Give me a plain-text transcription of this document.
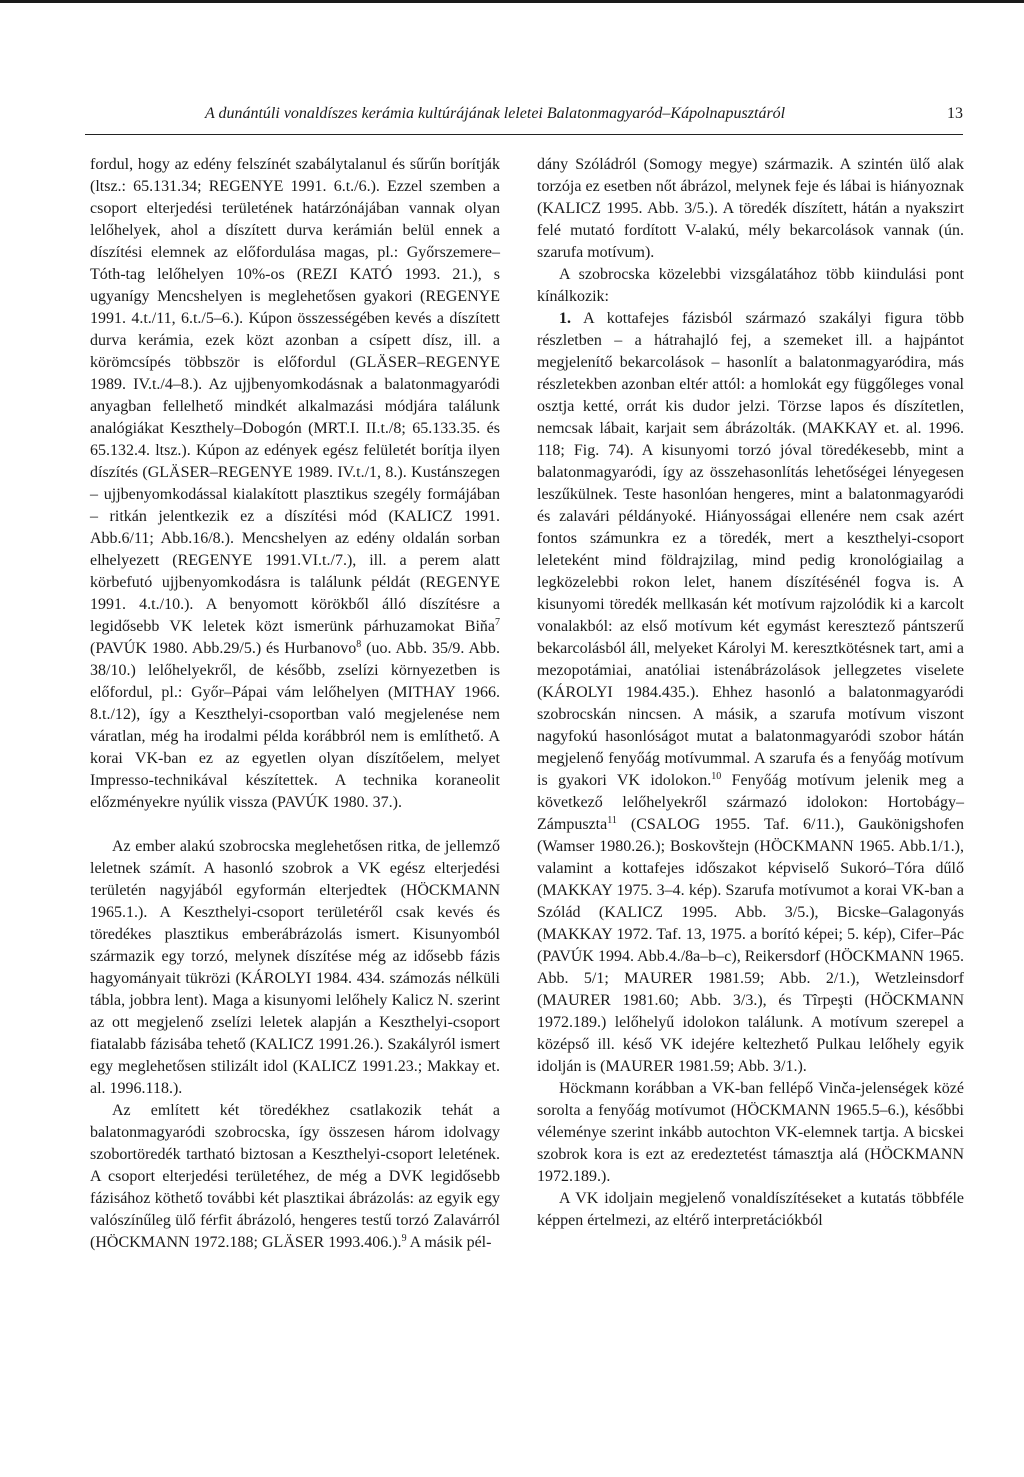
A dunántúli vonaldíszes kerámia kultúrájának leletei Balatonmagyaród–Kápolnapusztáról	13

fordul, hogy az edény felszínét szabálytalanul és sűrűn borítják (ltsz.: 65.131.34; REGENYE 1991. 6.t./6.). Ezzel szemben a csoport elterjedési területének határzónájában vannak olyan lelőhelyek, ahol a díszített durva kerámián belül ennek a díszítési elemnek az előfordulása magas, pl.: Győrszemere–Tóth-tag lelőhelyen 10%-os (REZI KATÓ 1993. 21.), s ugyanígy Mencshelyen is meglehetősen gyakori (REGENYE 1991. 4.t./11, 6.t./5–6.). Kúpon összességében kevés a díszített durva kerámia, ezek közt azonban a csípett dísz, ill. a körömcsípés többször is előfordul (GLÄSER–REGENYE 1989. IV.t./4–8.). Az ujjbenyomkodásnak a balatonmagyaródi anyagban fellelhető mindkét alkalmazási módjára találunk analógiákat Keszthely–Dobogón (MRT.I. II.t./8; 65.133.35. és 65.132.4. ltsz.). Kúpon az edények egész felületét borítja ilyen díszítés (GLÄSER–REGENYE 1989. IV.t./1, 8.). Kustánszegen – ujjbenyomkodással kialakított plasztikus szegély formájában – ritkán jelentkezik ez a díszítési mód (KALICZ 1991. Abb.6/11; Abb.16/8.). Mencshelyen az edény oldalán sorban elhelyezett (REGENYE 1991.VI.t./7.), ill. a perem alatt körbefutó ujjbenyomkodásra is találunk példát (REGENYE 1991. 4.t./10.). A benyomott körökből álló díszítésre a legidősebb VK leletek közt ismerünk párhuzamokat Biňa$^7$ (PAVÚK 1980. Abb.29/5.) és Hurbanovo$^8$ (uo. Abb. 35/9. Abb. 38/10.) lelőhelyekről, de később, zselízi környezetben is előfordul, pl.: Győr–Pápai vám lelőhelyen (MITHAY 1966. 8.t./12), így a Keszthelyi-csoportban való megjelenése nem váratlan, még ha irodalmi példa korábbról nem is említhető. A korai VK-ban ez az egyetlen olyan díszítőelem, melyet Impresso-technikával készítettek. A technika koraneolit előzményekre nyúlik vissza (PAVÚK 1980. 37.).

Az ember alakú szobrocska meglehetősen ritka, de jellemző leletnek számít. A hasonló szobrok a VK egész elterjedési területén nagyjából egyformán elterjedtek (HÖCKMANN 1965.1.). A Keszthelyi-csoport területéről csak kevés és töredékes plasztikus emberábrázolás ismert. Kisunyomból származik egy torzó, melynek díszítése még az idősebb fázis hagyományait tükrözi (KÁROLYI 1984. 434. számozás nélküli tábla, jobbra lent). Maga a kisunyomi lelőhely Kalicz N. szerint az ott megjelenő zselízi leletek alapján a Keszthelyi-csoport fiatalabb fázisába tehető (KALICZ 1991.26.). Szakályról ismert egy meglehetősen stilizált idol (KALICZ 1991.23.; Makkay et. al. 1996.118.).

Az említett két töredékhez csatlakozik tehát a balatonmagyaródi szobrocska, így összesen három idolvagy szobortöredék tartható biztosan a Keszthelyi-csoport leletének. A csoport elterjedési területéhez, de még a DVK legidősebb fázisához köthető további két plasztikai ábrázolás: az egyik egy valószínűleg ülő férfit ábrázoló, hengeres testű torzó Zalavárról (HÖCKMANN 1972.188; GLÄSER 1993.406.).$^9$ A másik pél-

dány Szóládról (Somogy megye) származik. A szintén ülő alak torzója ez esetben nőt ábrázol, melynek feje és lábai is hiányoznak (KALICZ 1995. Abb. 3/5.). A töredék díszített, hátán a nyakszirt felé mutató fordított V-alakú, mély bekarcolások vannak (ún. szarufa motívum).

A szobrocska közelebbi vizsgálatához több kiindulási pont kínálkozik:

1. A kottafejes fázisból származó szakályi figura több részletben – a hátrahajló fej, a szemeket ill. a hajpántot megjelenítő bekarcolások – hasonlít a balatonmagyaródira, más részletekben azonban eltér attól: a homlokát egy függőleges vonal osztja ketté, orrát kis dudor jelzi. Törzse lapos és díszítetlen, nemcsak lábait, karjait sem ábrázolták. (MAKKAY et. al. 1996. 118; Fig. 74). A kisunyomi torzó jóval töredékesebb, mint a balatonmagyaródi, így az összehasonlítás lehetőségei lényegesen leszűkülnek. Teste hasonlóan hengeres, mint a balatonmagyaródi és zalavári példányoké. Hiányosságai ellenére nem csak azért fontos számunkra ez a töredék, mert a keszthelyi-csoport leleteként mind földrajzilag, mind pedig kronológiailag a legközelebbi rokon lelet, hanem díszítésénél fogva is. A kisunyomi töredék mellkasán két motívum rajzolódik ki a karcolt vonalakból: az első motívum két egymást keresztező pántszerű bekarcolásból áll, melyeket Károlyi M. keresztkötésnek tart, ami a mezopotámiai, anatóliai istenábrázolások jellegzetes viselete (KÁROLYI 1984.435.). Ehhez hasonló a balatonmagyaródi szobrocskán nincsen. A másik, a szarufa motívum viszont nagyfokú hasonlóságot mutat a balatonmagyaródi szobor hátán megjelenő fenyőág motívummal. A szarufa és a fenyőág motívum is gyakori VK idolokon.$^{10}$ Fenyőág motívum jelenik meg a következő lelőhelyekről származó idolokon: Hortobágy–Zámpuszta$^{11}$ (CSALOG 1955. Taf. 6/11.), Gaukönigshofen (Wamser 1980.26.); Boskovštejn (HÖCKMANN 1965. Abb.1/1.), valamint a kottafejes időszakot képviselő Sukoró–Tóra dűlő (MAKKAY 1975. 3–4. kép). Szarufa motívumot a korai VK-ban a Szólád (KALICZ 1995. Abb. 3/5.), Bicske–Galagonyás (MAKKAY 1972. Taf. 13, 1975. a borító képei; 5. kép), Cifer–Pác (PAVÚK 1994. Abb.4./8a–b–c), Reikersdorf (HÖCKMANN 1965. Abb. 5/1; MAURER 1981.59; Abb. 2/1.), Wetzleinsdorf (MAURER 1981.60; Abb. 3/3.), és Tîrpeşti (HÖCKMANN 1972.189.) lelőhelyű idolokon találunk. A motívum szerepel a középső ill. késő VK idejére keltezhető Pulkau lelőhely egyik idolján is (MAURER 1981.59; Abb. 3/1.).

Höckmann korábban a VK-ban fellépő Vinča-jelenségek közé sorolta a fenyőág motívumot (HÖCKMANN 1965.5–6.), későbbi véleménye szerint inkább autochton VK-elemnek tartja. A bicskei szobrok kora is ezt az eredeztetést támasztja alá (HÖCKMANN 1972.189.).

A VK idoljain megjelenő vonaldíszítéseket a kutatás többféle képpen értelmezi, az eltérő interpretációkból
